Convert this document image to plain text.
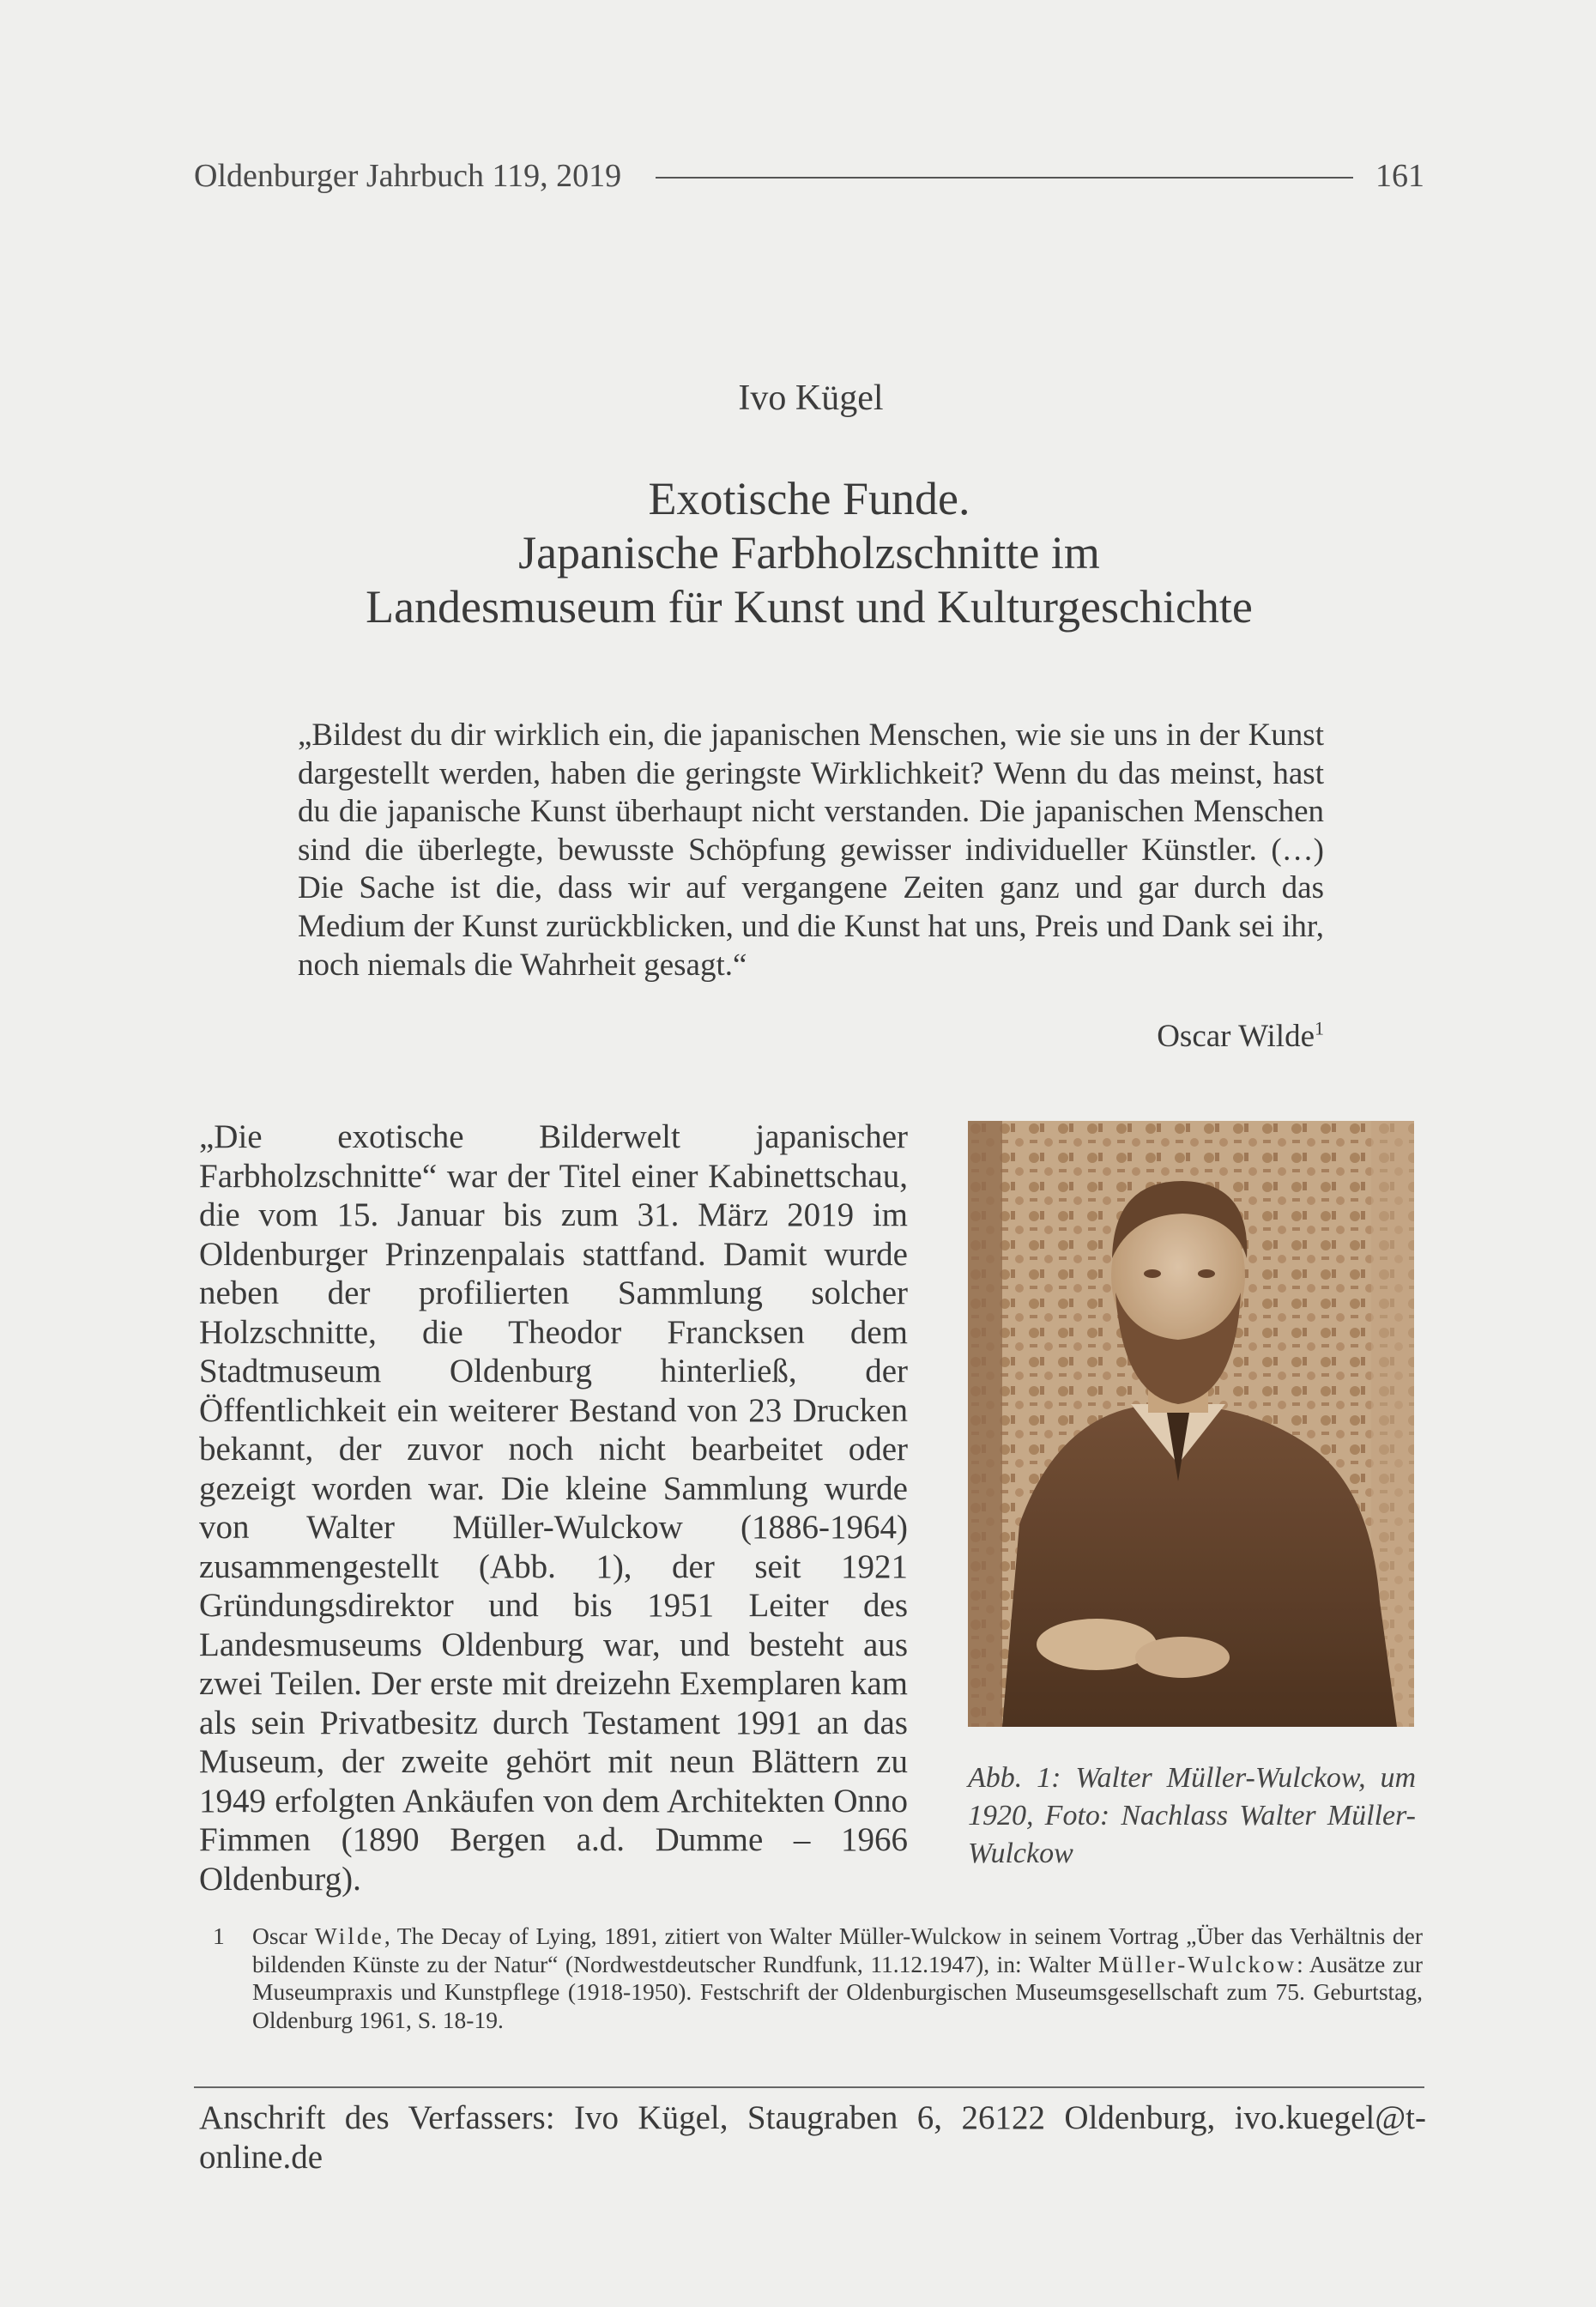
Oldenburger Jahrbuch 119, 2019	161
Ivo Kügel
Exotische Funde.
Japanische Farbholzschnitte im
Landesmuseum für Kunst und Kulturgeschichte

„Bildest du dir wirklich ein, die japanischen Menschen, wie sie uns in der Kunst dargestellt werden, haben die geringste Wirklichkeit? Wenn du das meinst, hast du die japanische Kunst überhaupt nicht verstanden. Die japanischen Menschen sind die überlegte, bewusste Schöpfung gewisser individueller Künstler. (…) Die Sache ist die, dass wir auf vergangene Zeiten ganz und gar durch das Medium der Kunst zurückblicken, und die Kunst hat uns, Preis und Dank sei ihr, noch niemals die Wahrheit gesagt.“

Oscar Wilde$^1$

„Die exotische Bilderwelt japanischer Farbholzschnitte“ war der Titel einer Kabinettschau, die vom 15. Januar bis zum 31. März 2019 im Oldenburger Prinzenpalais stattfand. Damit wurde neben der profilierten Sammlung solcher Holzschnitte, die Theodor Francksen dem Stadtmuseum Oldenburg hinterließ, der Öffentlichkeit ein weiterer Bestand von 23 Drucken bekannt, der zuvor noch nicht bearbeitet oder gezeigt worden war. Die kleine Sammlung wurde von Walter Müller-Wulckow (1886-1964) zusammengestellt (Abb. 1), der seit 1921 Gründungsdirektor und bis 1951 Leiter des Landesmuseums Oldenburg war, und besteht aus zwei Teilen. Der erste mit dreizehn Exemplaren kam als sein Privatbesitz durch Testament 1991 an das Museum, der zweite gehört mit neun Blättern zu 1949 erfolgten Ankäufen von dem Architekten Onno Fimmen (1890 Bergen a.d. Dumme – 1966 Oldenburg).

Abb. 1: Walter Müller-Wulckow, um 1920, Foto: Nachlass Walter Müller-Wulckow

1 Oscar Wilde, The Decay of Lying, 1891, zitiert von Walter Müller-Wulckow in seinem Vortrag „Über das Verhältnis der bildenden Künste zu der Natur“ (Nordwestdeutscher Rundfunk, 11.12.1947), in: Walter Müller-Wulckow: Ausätze zur Museumpraxis und Kunstpflege (1918-1950). Festschrift der Oldenburgischen Museumsgesellschaft zum 75. Geburtstag, Oldenburg 1961, S. 18-19.

Anschrift des Verfassers: Ivo Kügel, Staugraben 6, 26122 Oldenburg, ivo.kuegel@t-online.de
